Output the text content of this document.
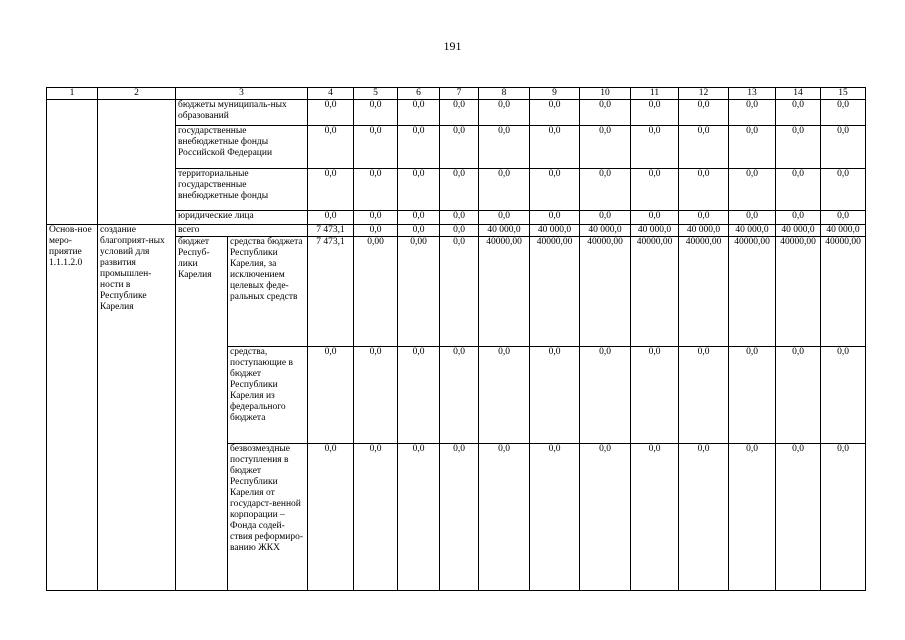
191
1	2	3		4	5	6	7	8	9	10	11	12	13	14	15
		бюджеты муниципаль-ных образований		0,0	0,0	0,0	0,0	0,0	0,0	0,0	0,0	0,0	0,0	0,0	0,0
		государственные внебюджетные фонды Российской Федерации		0,0	0,0	0,0	0,0	0,0	0,0	0,0	0,0	0,0	0,0	0,0	0,0
		территориальные государственные внебюджетные фонды		0,0	0,0	0,0	0,0	0,0	0,0	0,0	0,0	0,0	0,0	0,0	0,0
		юридические лица		0,0	0,0	0,0	0,0	0,0	0,0	0,0	0,0	0,0	0,0	0,0	0,0
Основ-ное меро-приятие 1.1.1.2.0	создание благоприят-ных условий для развития промышлен-ности в Республике Карелия	всего		7 473,1	0,0	0,0	0,0	40 000,0	40 000,0	40 000,0	40 000,0	40 000,0	40 000,0	40 000,0	40 000,0
		бюджет Респуб-лики Карелия	средства бюджета Республики Карелия, за исключением целевых феде-ральных средств	7 473,1	0,00	0,00	0,0	40000,00	40000,00	40000,00	40000,00	40000,00	40000,00	40000,00	40000,00
			средства, поступающие в бюджет Республики Карелия из федерального бюджета	0,0	0,0	0,0	0,0	0,0	0,0	0,0	0,0	0,0	0,0	0,0	0,0
			безвозмездные поступления в бюджет Республики Карелия от государст-венной корпорации – Фонда содей-ствия реформиро-ванию ЖКХ	0,0	0,0	0,0	0,0	0,0	0,0	0,0	0,0	0,0	0,0	0,0	0,0
